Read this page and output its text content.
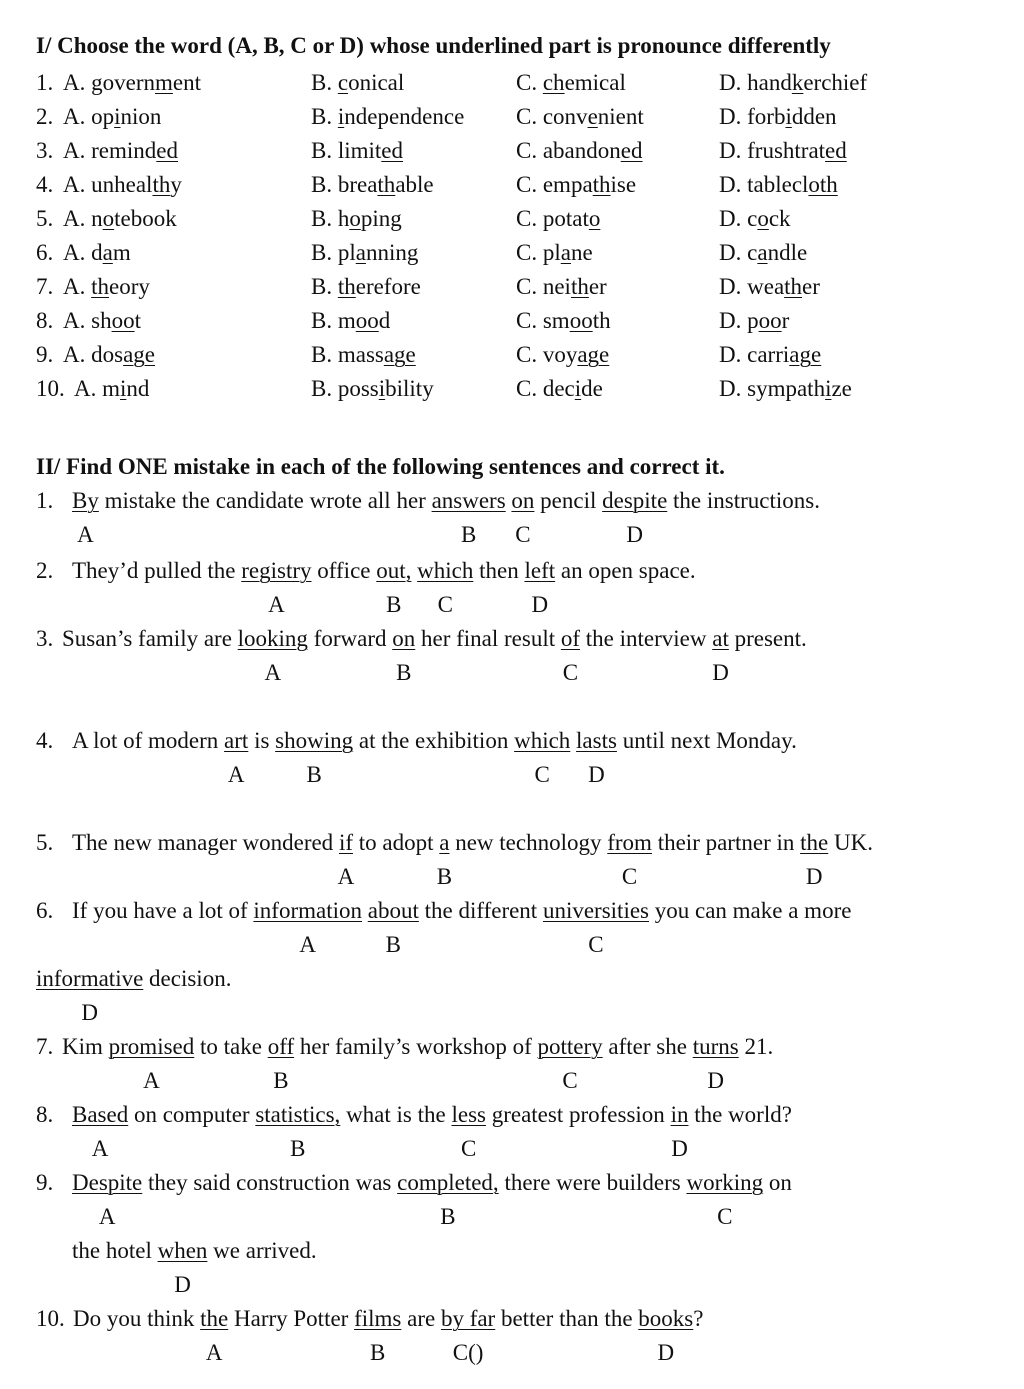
I/ Choose the word (A, B, C or D) whose underlined part is pronounce differently
1. A. government	B. conical	C. chemical	D. handkerchief
2. A. opinion	B. independence C. convenient	D. forbidden
3. A. reminded	B. limited	C. abandoned	D. frushtrated
4. A. unhealthy	B. breathable	C. empathise	D. tablecloth
5. A. notebook	B. hoping	C. potato	D. cock
6. A. dam	B. planning	C. plane	D. candle
7. A. theory	B. therefore	C. neither	D. weather
8. A. shoot	B. mood	C. smooth	D. poor
9. A. dosage	B. massage	C. voyage	D. carriage
10. A. mind	B. possibility	C. decide	D. sympathize
II/ Find ONE mistake in each of the following sentences and correct it.
1. By mistake the candidate wrote all her answers on pencil despite the instructions.
A	B C	D
2. They’d pulled the registry office out, which then left an open space.
A	B C	D
3. Susan’s family are looking forward on her final result of the interview at present.
A	B	C	D
4. A lot of modern art is showing at the exhibition which lasts until next Monday.
A	B	C D
5. The new manager wondered if to adopt a new technology from their partner in the UK.
A	B	C	D
6. If you have a lot of information about the different universities you can make a more
A	B	C
informative decision.
D
7. Kim promised to take off her family’s workshop of pottery after she turns 21.
A	B	C	D
8. Based on computer statistics, what is the less greatest profession in the world?
A	B	C	D
9. Despite they said construction was completed, there were builders working on
A	B	C
the hotel when we arrived.
D
10. Do you think the Harry Potter films are by far better than the books?
A	B	C()	D
